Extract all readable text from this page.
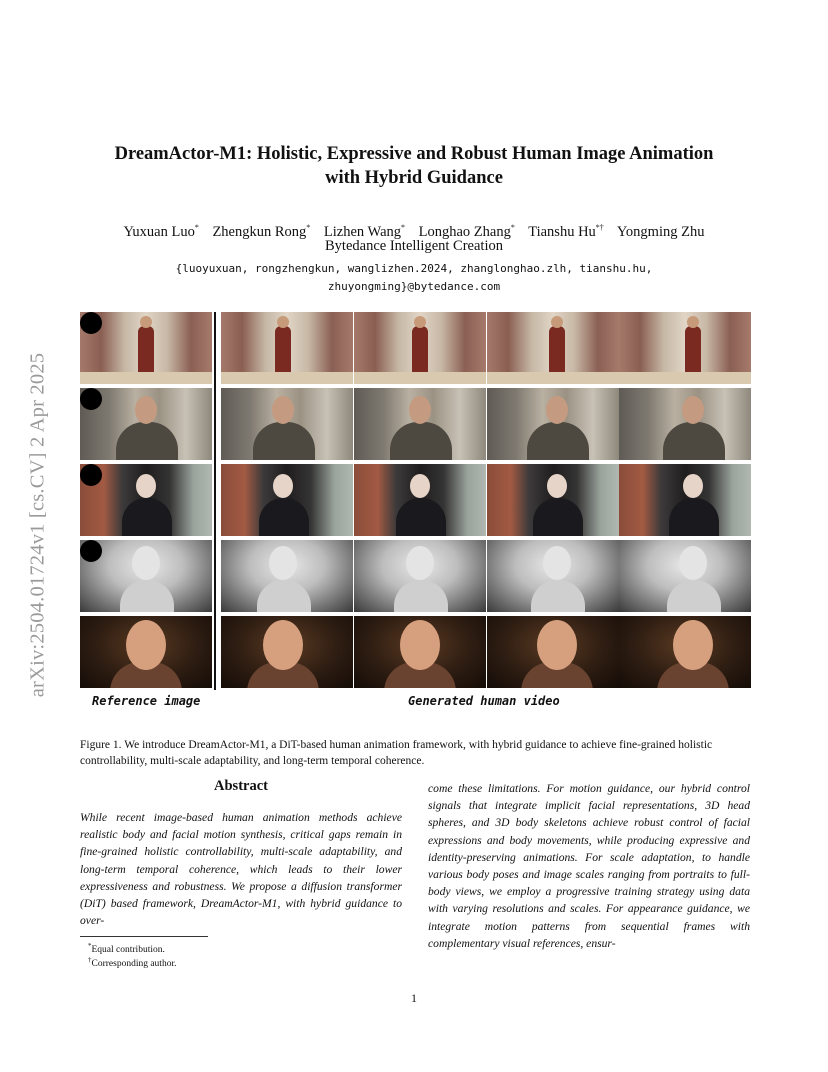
arXiv:2504.01724v1 [cs.CV] 2 Apr 2025
DreamActor-M1: Holistic, Expressive and Robust Human Image Animation
with Hybrid Guidance
Yuxuan Luo* Zhengkun Rong* Lizhen Wang* Longhao Zhang* Tianshu Hu*† Yongming Zhu
Bytedance Intelligent Creation
{luoyuxuan, rongzhengkun, wanglizhen.2024, zhanglonghao.zlh, tianshu.hu,
zhuyongming}@bytedance.com
Reference image	Generated human video

Figure 1. We introduce DreamActor-M1, a DiT-based human animation framework, with hybrid guidance to achieve fine-grained holistic controllability, multi-scale adaptability, and long-term temporal coherence.

Abstract

While recent image-based human animation methods achieve realistic body and facial motion synthesis, critical gaps remain in fine-grained holistic controllability, multi-scale adaptability, and long-term temporal coherence, which leads to their lower expressiveness and robustness. We propose a diffusion transformer (DiT) based framework, DreamActor-M1, with hybrid guidance to over-

come these limitations. For motion guidance, our hybrid control signals that integrate implicit facial representations, 3D head spheres, and 3D body skeletons achieve robust control of facial expressions and body movements, while producing expressive and identity-preserving animations. For scale adaptation, to handle various body poses and image scales ranging from portraits to full-body views, we employ a progressive training strategy using data with varying resolutions and scales. For appearance guidance, we integrate motion patterns from sequential frames with complementary visual references, ensur-

*Equal contribution.
†Corresponding author.
1
